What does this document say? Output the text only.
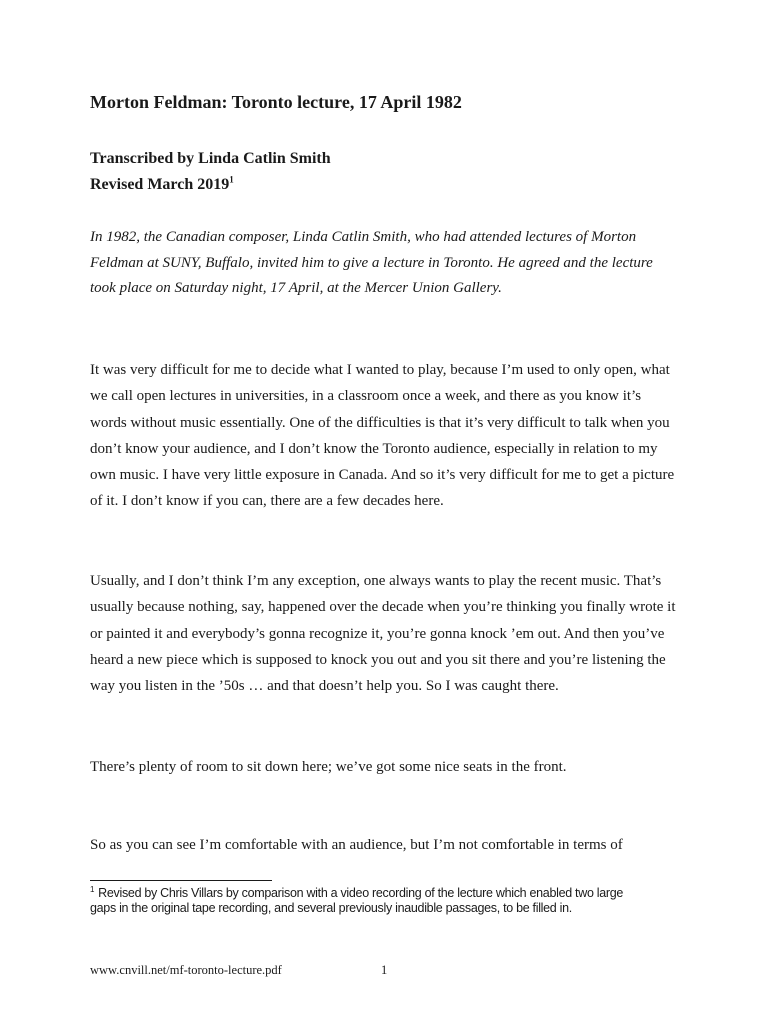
Morton Feldman: Toronto lecture, 17 April 1982

Transcribed by Linda Catlin Smith

Revised March 2019$^1$

In 1982, the Canadian composer, Linda Catlin Smith, who had attended lectures of Morton Feldman at SUNY, Buffalo, invited him to give a lecture in Toronto. He agreed and the lecture took place on Saturday night, 17 April, at the Mercer Union Gallery.

It was very difficult for me to decide what I wanted to play, because I’m used to only open, what we call open lectures in universities, in a classroom once a week, and there as you know it’s words without music essentially. One of the difficulties is that it’s very difficult to talk when you don’t know your audience, and I don’t know the Toronto audience, especially in relation to my own music. I have very little exposure in Canada. And so it’s very difficult for me to get a picture of it. I don’t know if you can, there are a few decades here.

Usually, and I don’t think I’m any exception, one always wants to play the recent music. That’s usually because nothing, say, happened over the decade when you’re thinking you finally wrote it or painted it and everybody’s gonna recognize it, you’re gonna knock ’em out. And then you’ve heard a new piece which is supposed to knock you out and you sit there and you’re listening the way you listen in the ’50s … and that doesn’t help you. So I was caught there.

There’s plenty of room to sit down here; we’ve got some nice seats in the front.

So as you can see I’m comfortable with an audience, but I’m not comfortable in terms of

$^1$ Revised by Chris Villars by comparison with a video recording of the lecture which enabled two large gaps in the original tape recording, and several previously inaudible passages, to be filled in.

www.cnvill.net/mf-toronto-lecture.pdf	1
